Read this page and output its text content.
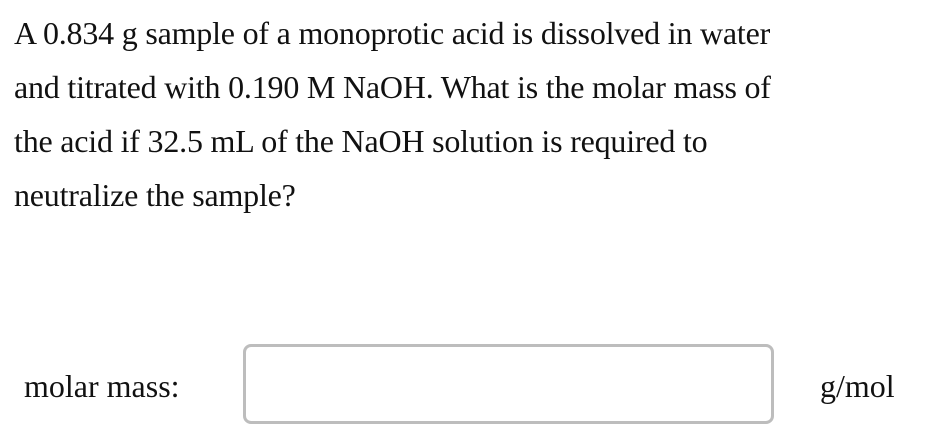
A 0.834 g sample of a monoprotic acid is dissolved in water
and titrated with 0.190 M NaOH. What is the molar mass of
the acid if 32.5 mL of the NaOH solution is required to
neutralize the sample?

molar mass:	g/mol
